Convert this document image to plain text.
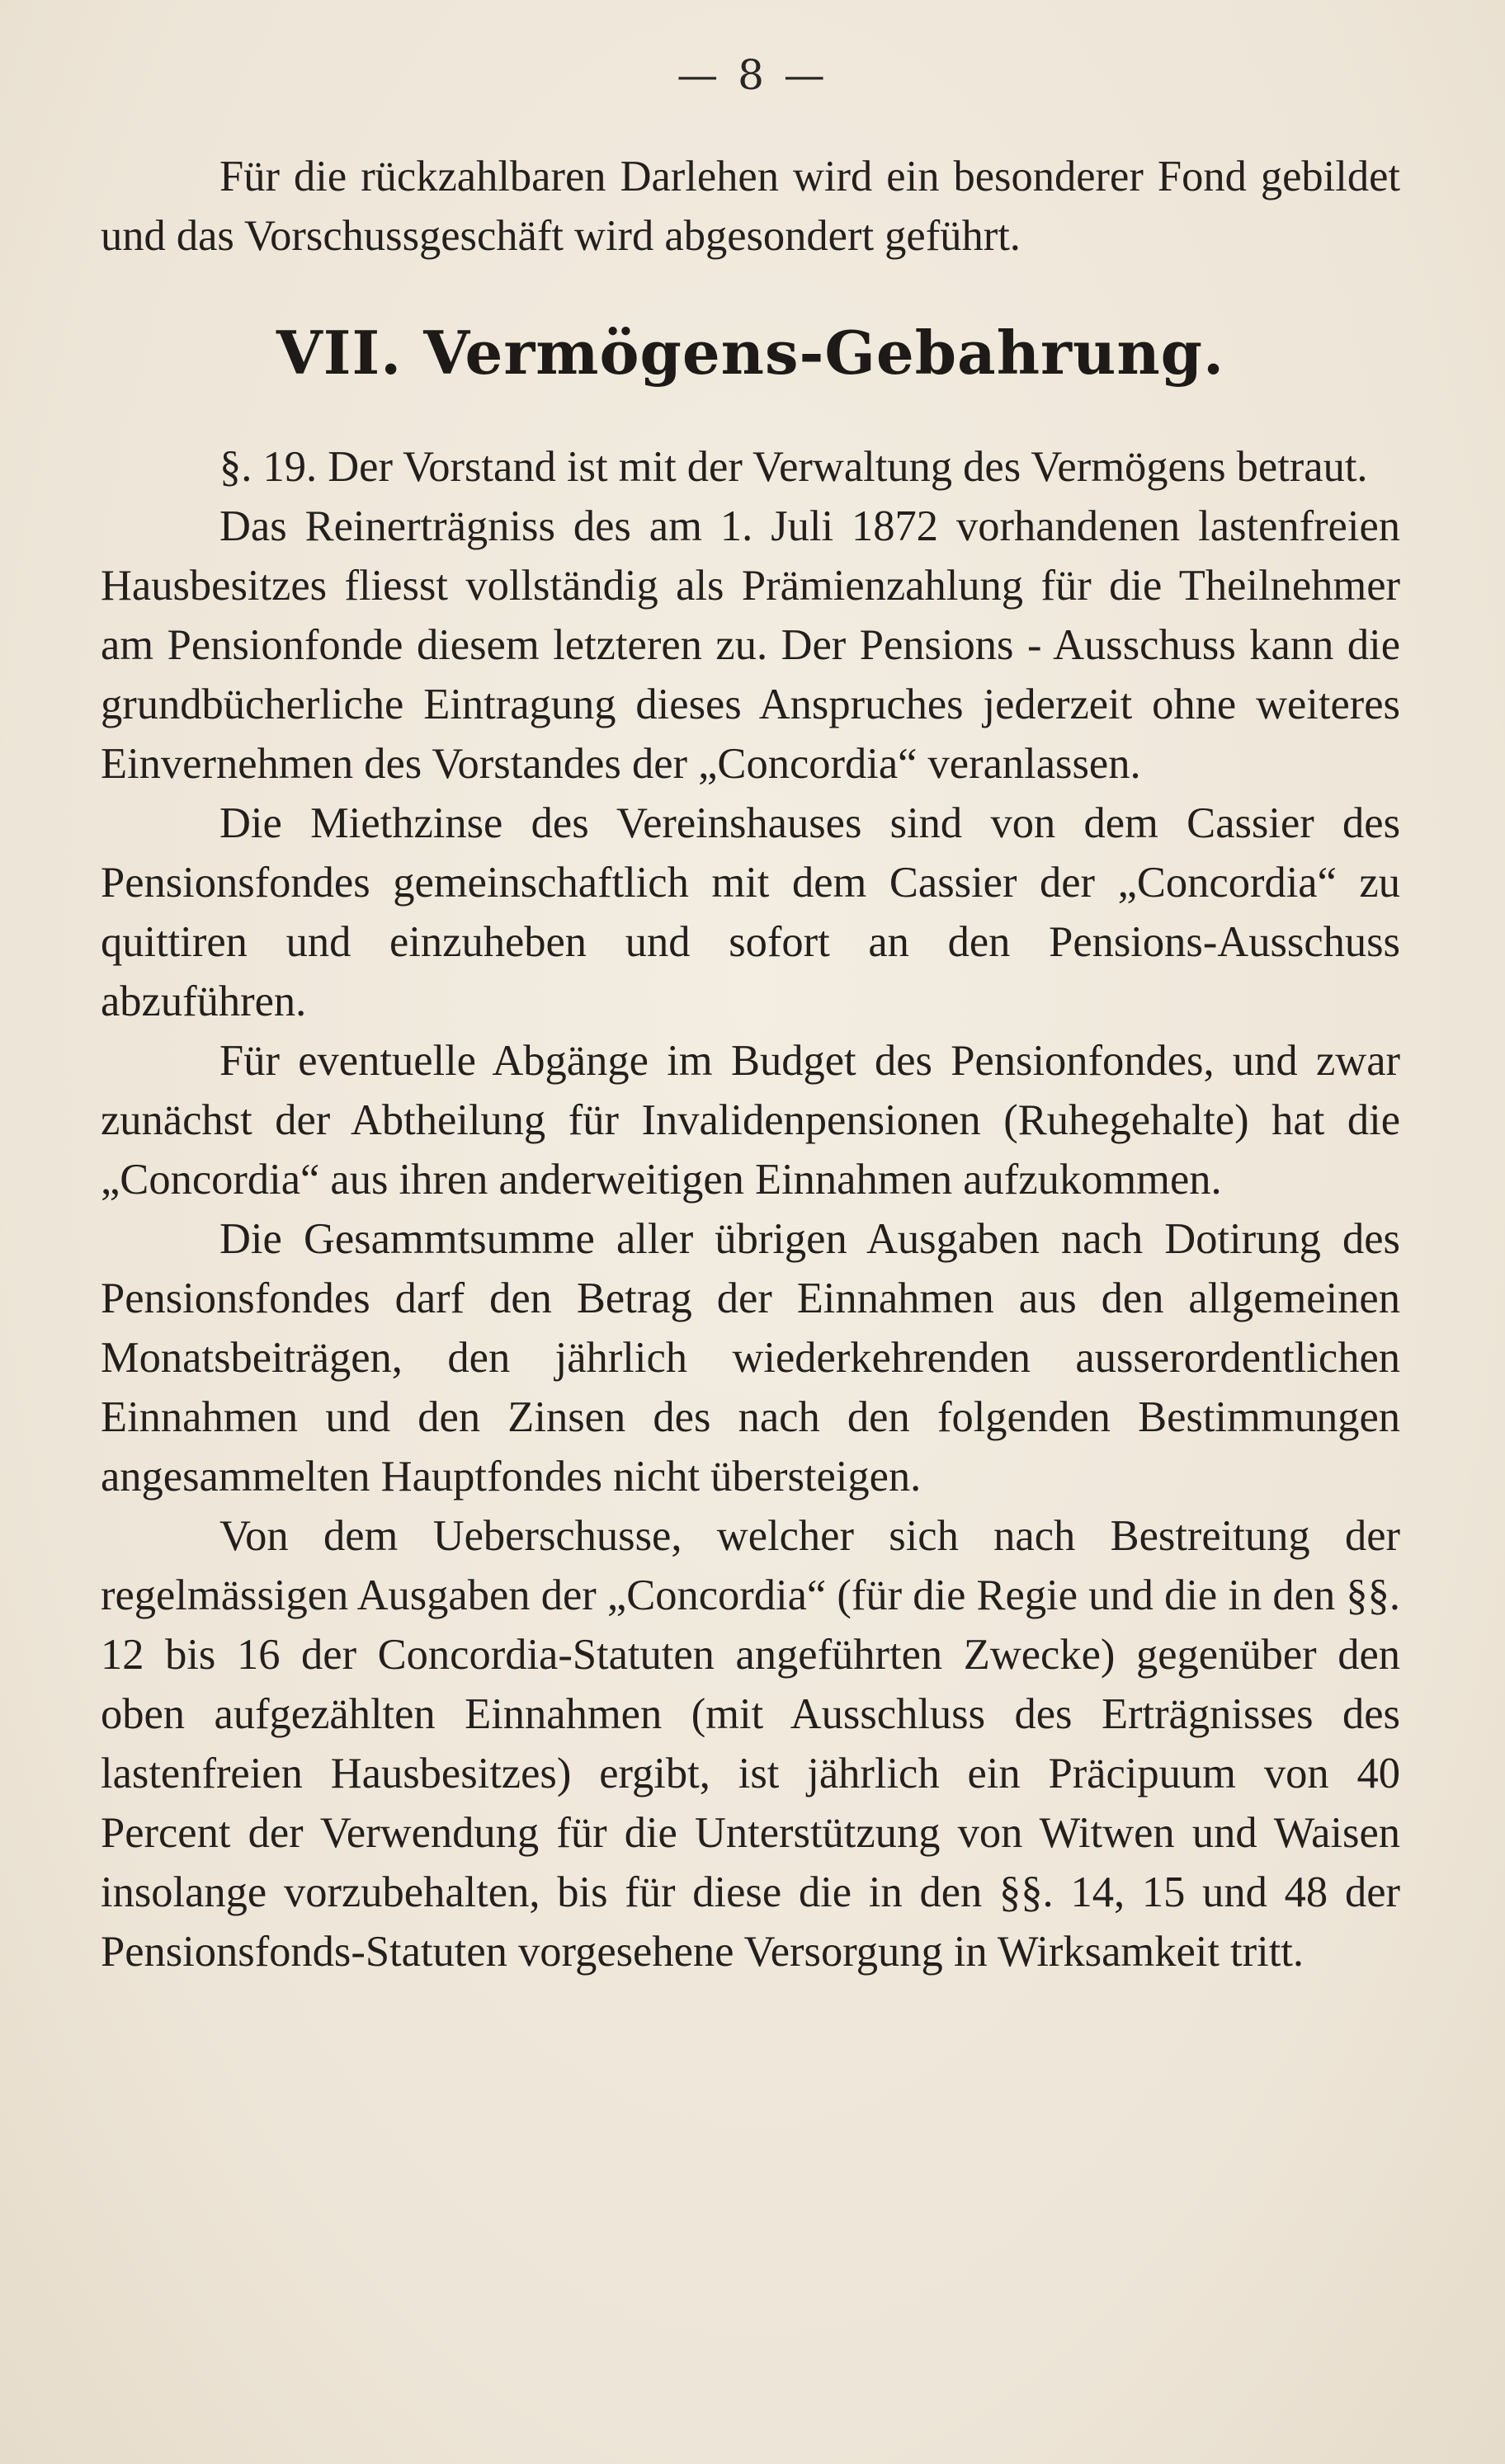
— 8 —

Für die rückzahlbaren Darlehen wird ein besonderer Fond gebildet und das Vorschussgeschäft wird abgesondert geführt.

VII. Vermögens-Gebahrung.

§. 19. Der Vorstand ist mit der Verwaltung des Vermögens betraut.

Das Reinerträgniss des am 1. Juli 1872 vorhandenen lastenfreien Hausbesitzes fliesst vollständig als Prämienzahlung für die Theilnehmer am Pensionfonde diesem letzteren zu. Der Pensions - Ausschuss kann die grundbücherliche Eintragung dieses Anspruches jederzeit ohne weiteres Einvernehmen des Vorstandes der „Concordia“ veranlassen.

Die Miethzinse des Vereinshauses sind von dem Cassier des Pensionsfondes gemeinschaftlich mit dem Cassier der „Concordia“ zu quittiren und einzuheben und sofort an den Pensions-Ausschuss abzuführen.

Für eventuelle Abgänge im Budget des Pensionfondes, und zwar zunächst der Abtheilung für Invalidenpensionen (Ruhegehalte) hat die „Concordia“ aus ihren anderweitigen Einnahmen aufzukommen.

Die Gesammtsumme aller übrigen Ausgaben nach Dotirung des Pensionsfondes darf den Betrag der Einnahmen aus den allgemeinen Monatsbeiträgen, den jährlich wiederkehrenden ausserordentlichen Einnahmen und den Zinsen des nach den folgenden Bestimmungen angesammelten Hauptfondes nicht übersteigen.

Von dem Ueberschusse, welcher sich nach Bestreitung der regelmässigen Ausgaben der „Concordia“ (für die Regie und die in den §§. 12 bis 16 der Concordia-Statuten angeführten Zwecke) gegenüber den oben aufgezählten Einnahmen (mit Ausschluss des Erträgnisses des lastenfreien Hausbesitzes) ergibt, ist jährlich ein Präcipuum von 40 Percent der Verwendung für die Unterstützung von Witwen und Waisen insolange vorzubehalten, bis für diese die in den §§. 14, 15 und 48 der Pensionsfonds-Statuten vorgesehene Versorgung in Wirksamkeit tritt.
